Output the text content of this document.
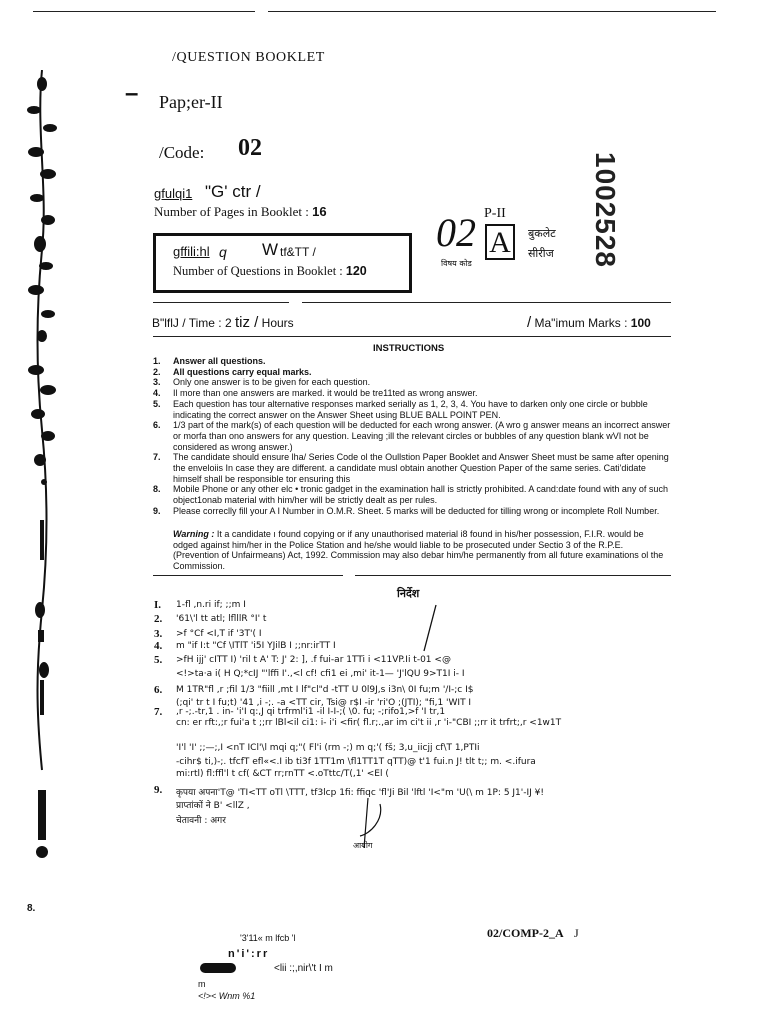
/QUESTION BOOKLET
– Pap;er-II
/Code: 02
gfulqi1 "G' ctr /
Number of Pages in Booklet : 16
gffili:hl q W tf&TT /
Number of Questions in Booklet : 120
02 P-II
A	बुकलेट
सीरीज
विषय कोड	1002528
B"lflJ / Time : 2 tiz / Hours	/ Ma"imum Marks : 100
INSTRUCTIONS
1.	Answer all questions.
2.	All questions carry equal marks.
3.	Only one answer is to be given for each question.
4.	Il more than one answers are marked. it would be tre11ted as wrong answer.
5.	Each question has tour alternative responses marked serially as 1, 2, 3, 4. You have to darken only one circle or bubble indicating the correct answer on the Answer Sheet using BLUE BALL POINT PEN.
6.	1/3 part of the mark(s) of each question will be deducted for each wrong answer. (A wro g answer means an incorrect answer or morfa than ono answers for any question. Leaving ;ill the relevant circles or bubbles of any question blank wVI not be considered as wrong answer.)
7.	The candidate should ensure lha/ Series Code ol the Oullstion Paper Booklet and Answer Sheet must be same after opening the enveloiis In case they are different. a candidate musl obtain another Question Paper of the same series. Cati'didate himself shall be responsible tor ensuring this
8.	Mobile Phone or any other elc • tronic gadget in the examination hall is strictly prohibited. A cand:date found with any of such object1onab material with him/her will be strictly dealt as per rules.
9.	Please correclly fill your A I Number in O.M.R. Sheet. 5 marks will be deducted for tilling wrong or incomplete Roll Number.
Warning : It a candidate ı found copying or if any unauthorised material i8 found in his/her possession, F.I.R. would be odged against him/her in the Police Station and he/she would liable to be prosecuted under Sectio 3 of the R.P.E. (Prevention of Unfairmeans) Act, 1992. Commission may also debar him/he permanently from all future examinations ol the Commission.
निर्देश
I. 1-fl ,n.ri if; ;;m I
2. '61\'l tt atl; lflllR °I' t
3. >f °Cf <I,T if '3T'( I
4. m "if I:t "Cf \ITlT 'i5I YJilB I ;;nr:irTT I
5. >fH ijj' cITT I) 'ril t A' T: J' 2: ], .f fui-ar 1TTi i <11VP.Ii t-01 <@
<!>ta·a i( H Q;*cIJ "'lffi I'.,<l cf! cfi1 ei ,mi' it-1— 'J'lQU 9>T1I i- I
6. M 1TR"fl ,r ;fil 1/3 "fiill ,mt I lf"cl"d -tTT U 0l9J,s i3n\ 0I fu;m '/I-;c I$
(;qi' tr t I fu;t) '41 ,i -;. -a <TT cir, Tsi@ r$I -ir 'ri'O ;(JTI); "fi,1 'WIT I
7. ,r -;.-tr,1 . in- 'i'I q:,J qi trfrml'i1 -il I-I-;( \0. fu; -;rifo1,>f 'I tr,1
cn: er rft:,;r fui'a t ;;rr lBl<il ci1: i- i'i <fir( fl.r;.,ar im ci't ii ,r 'i-"CBI ;;rr it trfrt;,r <1w1T
'I'l 'I' ;;—;,I <nT ICl'\l mqi q;"( Fl'i (rm -;) m q;'( fš; 3,u_iicjj cf\T 1,PTIi
-cihr$ ti,)-;. tfcfT efl«<.I ib ti3f 1TT1m \fl1TT1T qTT)@ t'1 fui.n J! tlt t;; m. <.ifura
mi:rtl) fl:ffl'l t cf( &CT rr;rnTT <.oTttc/T(,1' <El (
9. कृपया अपना'T@ 'TI<TT oTl \TTT, tf3lcp 1fi: ffiqc 'fl'Ji Bil 'lftl 'I<"m 'U(\ m 1P: 5 J1'-IJ ¥!
प्राप्तांकों ने B' <llZ ,
चेतावनी : अगर
आयोग
8.
02/COMP-2_A J
'3'11« m lfcb 'l
n'i':rr
<lii :;,nir\'t I m
m
<!>< Wnm %1
